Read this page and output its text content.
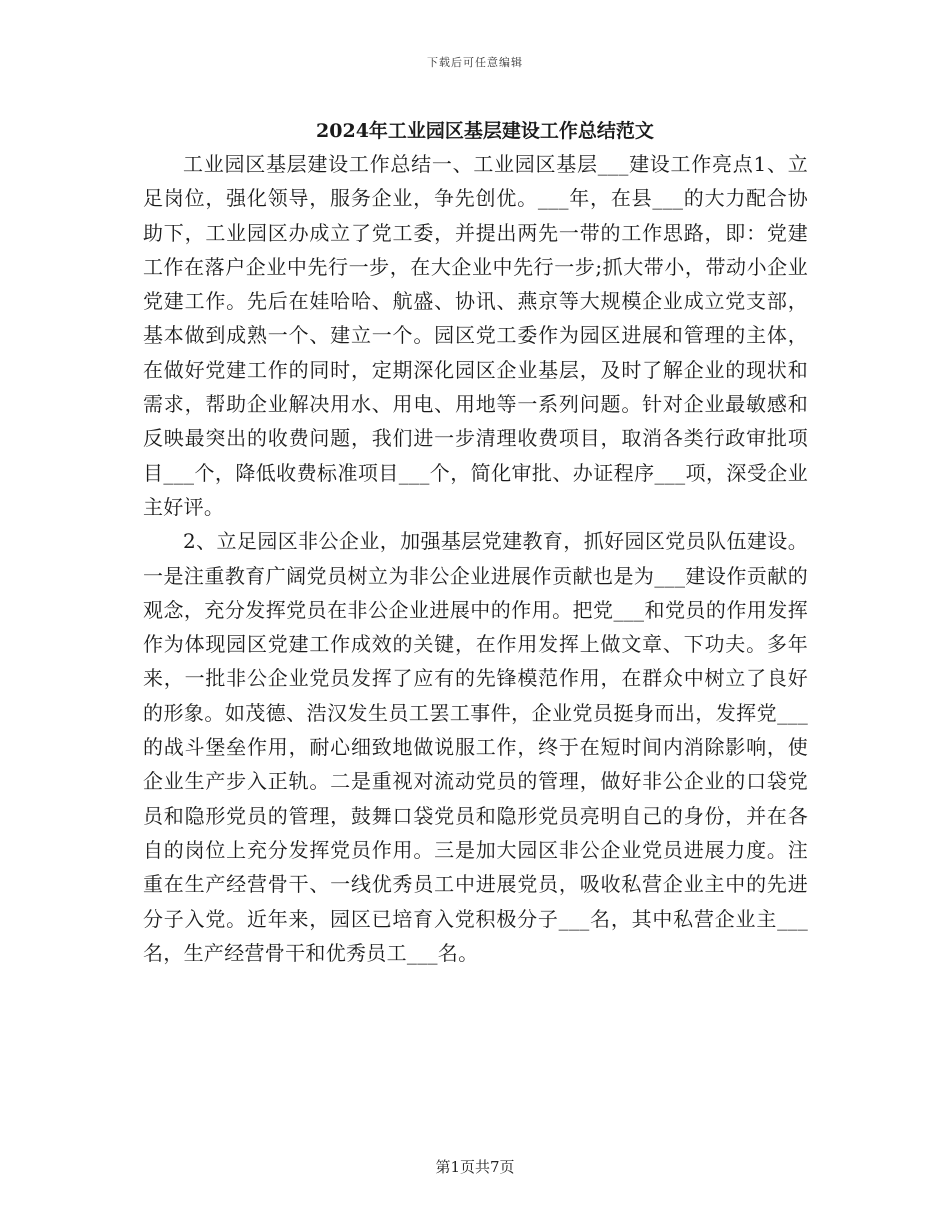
下载后可任意编辑
2024年工业园区基层建设工作总结范文

工业园区基层建设工作总结一、工业园区基层___建设工作亮点1、立足岗位，强化领导，服务企业，争先创优。___年，在县___的大力配合协助下，工业园区办成立了党工委，并提出两先一带的工作思路，即：党建工作在落户企业中先行一步，在大企业中先行一步;抓大带小，带动小企业党建工作。先后在娃哈哈、航盛、协讯、燕京等大规模企业成立党支部，基本做到成熟一个、建立一个。园区党工委作为园区进展和管理的主体，在做好党建工作的同时，定期深化园区企业基层，及时了解企业的现状和需求，帮助企业解决用水、用电、用地等一系列问题。针对企业最敏感和反映最突出的收费问题，我们进一步清理收费项目，取消各类行政审批项目___个，降低收费标准项目___个，简化审批、办证程序___项，深受企业主好评。

2、立足园区非公企业，加强基层党建教育，抓好园区党员队伍建设。一是注重教育广阔党员树立为非公企业进展作贡献也是为___建设作贡献的观念，充分发挥党员在非公企业进展中的作用。把党___和党员的作用发挥作为体现园区党建工作成效的关键，在作用发挥上做文章、下功夫。多年来，一批非公企业党员发挥了应有的先锋模范作用，在群众中树立了良好的形象。如茂德、浩汉发生员工罢工事件，企业党员挺身而出，发挥党___的战斗堡垒作用，耐心细致地做说服工作，终于在短时间内消除影响，使企业生产步入正轨。二是重视对流动党员的管理，做好非公企业的口袋党员和隐形党员的管理，鼓舞口袋党员和隐形党员亮明自己的身份，并在各自的岗位上充分发挥党员作用。三是加大园区非公企业党员进展力度。注重在生产经营骨干、一线优秀员工中进展党员，吸收私营企业主中的先进分子入党。近年来，园区已培育入党积极分子___名，其中私营企业主___名，生产经营骨干和优秀员工___名。

第1页共7页
